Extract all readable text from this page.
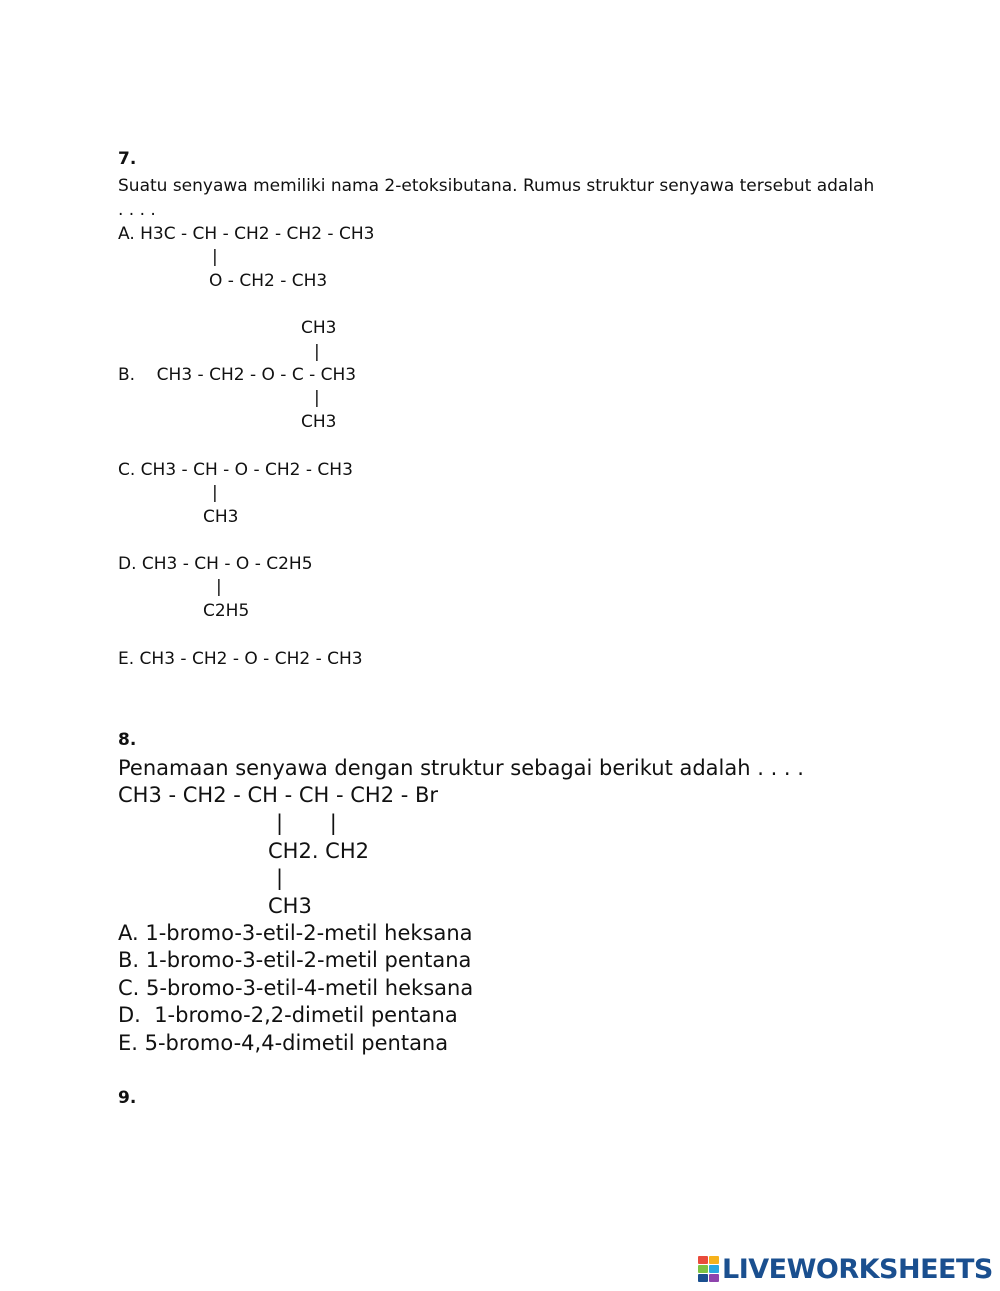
7.
Suatu senyawa memiliki nama 2-etoksibutana. Rumus struktur senyawa tersebut adalah
. . . .
A. H3C - CH - CH2 - CH2 - CH3
|
O - CH2 - CH3
CH3
|
B.    CH3 - CH2 - O - C - CH3
|
CH3
C. CH3 - CH - O - CH2 - CH3
|
CH3
D. CH3 - CH - O - C2H5
|
C2H5
E. CH3 - CH2 - O - CH2 - CH3
8.
Penamaan senyawa dengan struktur sebagai berikut adalah . . . .
CH3 - CH2 - CH - CH - CH2 - Br
|       |
CH2. CH2
|
CH3
A. 1-bromo-3-etil-2-metil heksana
B. 1-bromo-3-etil-2-metil pentana
C. 5-bromo-3-etil-4-metil heksana
D.  1-bromo-2,2-dimetil pentana
E. 5-bromo-4,4-dimetil pentana
9.
LIVEWORKSHEETS
